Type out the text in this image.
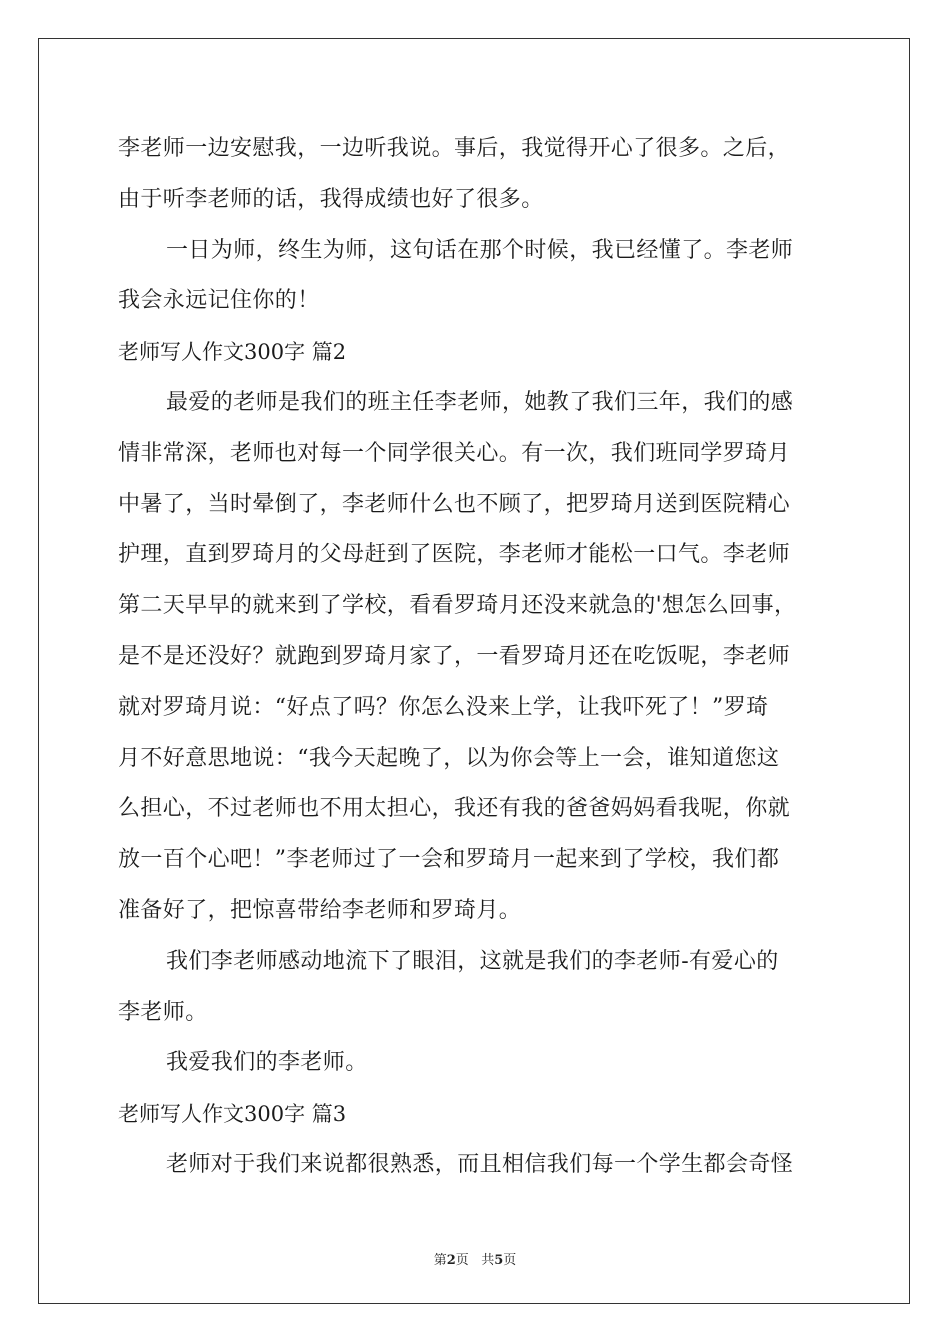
李老师一边安慰我，一边听我说。事后，我觉得开心了很多。之后，
由于听李老师的话，我得成绩也好了很多。
一日为师，终生为师，这句话在那个时候，我已经懂了。李老师
我会永远记住你的！
老师写人作文300字 篇2
最爱的老师是我们的班主任李老师，她教了我们三年，我们的感
情非常深，老师也对每一个同学很关心。有一次，我们班同学罗琦月
中暑了，当时晕倒了，李老师什么也不顾了，把罗琦月送到医院精心
护理，直到罗琦月的父母赶到了医院，李老师才能松一口气。李老师
第二天早早的就来到了学校，看看罗琦月还没来就急的'想怎么回事，
是不是还没好？就跑到罗琦月家了，一看罗琦月还在吃饭呢，李老师
就对罗琦月说：“好点了吗？你怎么没来上学，让我吓死了！”罗琦
月不好意思地说：“我今天起晚了，以为你会等上一会，谁知道您这
么担心，不过老师也不用太担心，我还有我的爸爸妈妈看我呢，你就
放一百个心吧！”李老师过了一会和罗琦月一起来到了学校，我们都
准备好了，把惊喜带给李老师和罗琦月。
我们李老师感动地流下了眼泪，这就是我们的李老师-有爱心的
李老师。
我爱我们的李老师。
老师写人作文300字 篇3
老师对于我们来说都很熟悉，而且相信我们每一个学生都会奇怪
第2页 共5页
